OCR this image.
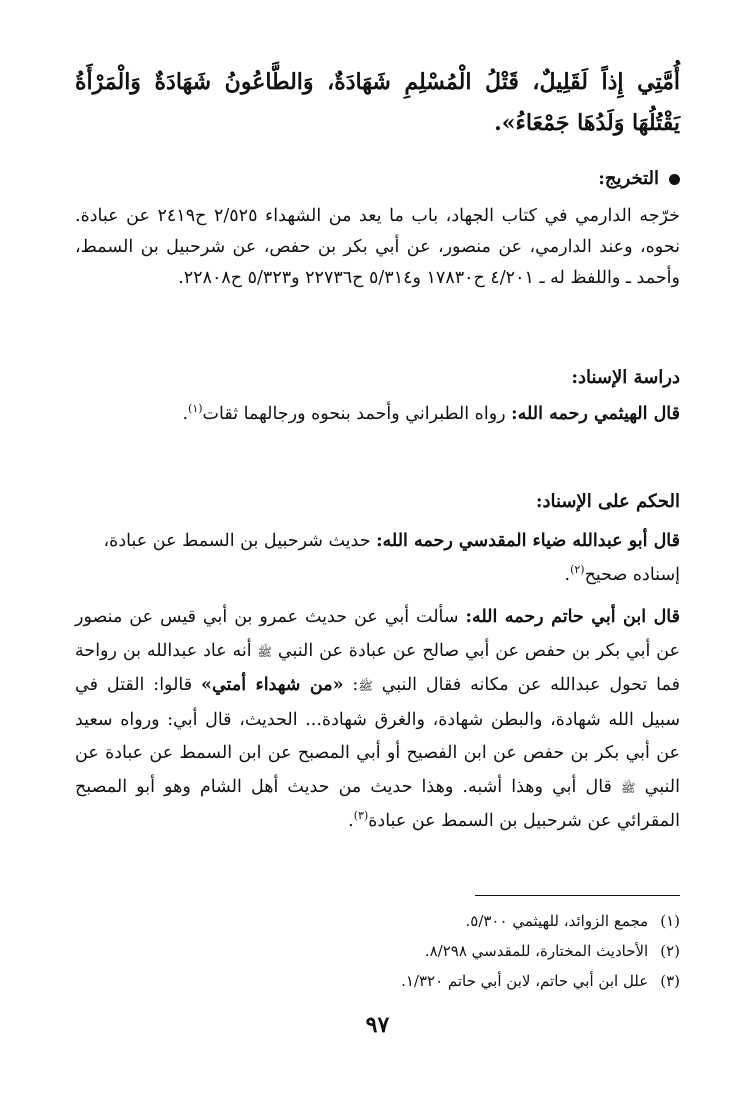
أُمَّتِي إِذاً لَقَلِيلٌ، قَتْلُ الْمُسْلِمِ شَهَادَةٌ، وَالطَّاعُونُ شَهَادَةٌ وَالْمَرْأَةُ يَقْتُلُهَا وَلَدُهَا جَمْعَاءُ».

التخريج:

خرّجه الدارمي في كتاب الجهاد، باب ما يعد من الشهداء ٢/٥٢٥ ح٢٤١٩ عن عبادة. نحوه، وعند الدارمي، عن منصور، عن أبي بكر بن حفص، عن شرحبيل بن السمط، وأحمد ـ واللفظ له ـ ٤/٢٠١ ح١٧٨٣٠ و٥/٣١٤ ح٢٢٧٣٦ و٥/٣٢٣ ح٢٢٨٠٨.

دراسة الإسناد:

قال الهيثمي رحمه الله: رواه الطبراني وأحمد بنحوه ورجالهما ثقات$^{(١)}$.

الحكم على الإسناد:

قال أبو عبدالله ضياء المقدسي رحمه الله: حديث شرحبيل بن السمط عن عبادة، إسناده صحيح$^{(٢)}$.

قال ابن أبي حاتم رحمه الله: سألت أبي عن حديث عمرو بن أبي قيس عن منصور عن أبي بكر بن حفص عن أبي صالح عن عبادة عن النبي ﷺ أنه عاد عبدالله بن رواحة فما تحول عبدالله عن مكانه فقال النبي ﷺ: «من شهداء أمتي» قالوا: القتل في سبيل الله شهادة، والبطن شهادة، والغرق شهادة... الحديث، قال أبي: ورواه سعيد عن أبي بكر بن حفص عن ابن الفصيح أو أبي المصبح عن ابن السمط عن عبادة عن النبي ﷺ قال أبي وهذا أشبه. وهذا حديث من حديث أهل الشام وهو أبو المصبح المقرائي عن شرحبيل بن السمط عن عبادة$^{(٣)}$.

(١)مجمع الزوائد، للهيثمي ٥/٣٠٠.
(٢)الأحاديث المختارة، للمقدسي ٨/٢٩٨.
(٣)علل ابن أبي حاتم، لابن أبي حاتم ١/٣٢٠.
٩٧
